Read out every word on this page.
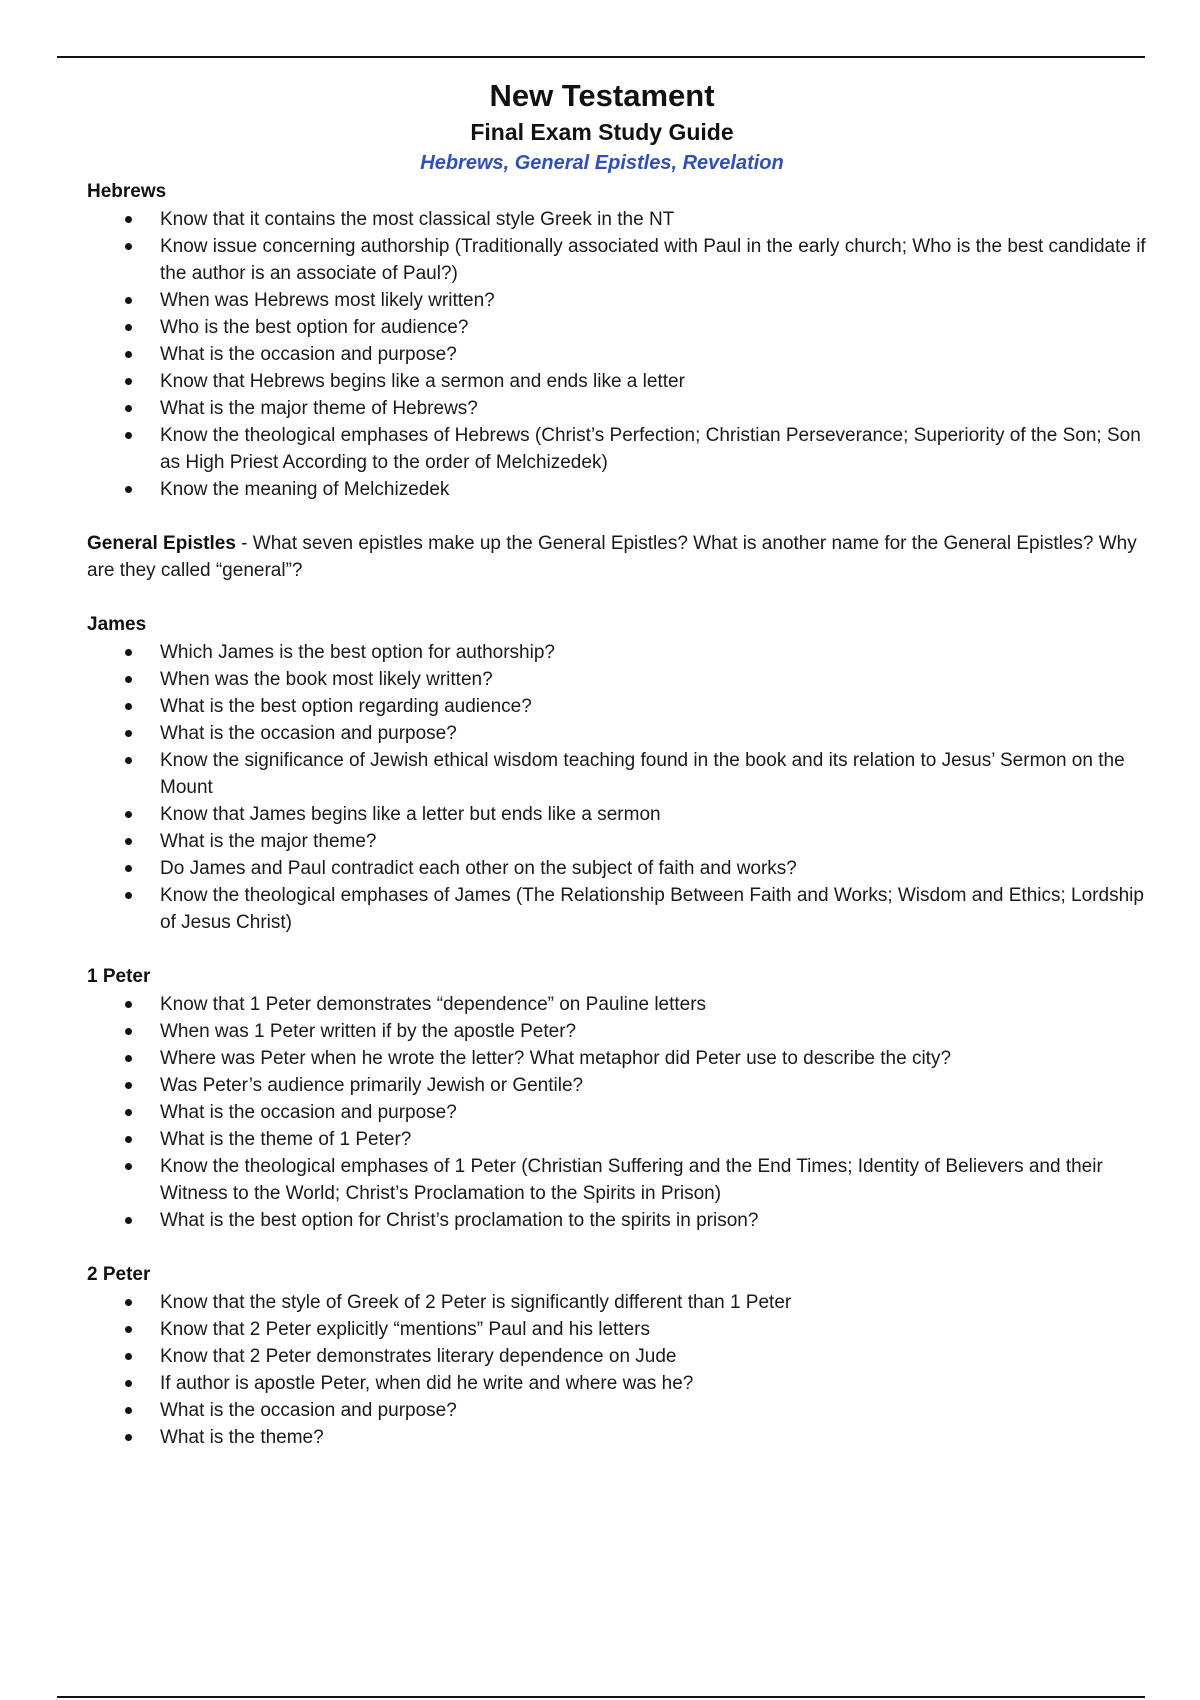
New Testament
Final Exam Study Guide
Hebrews, General Epistles, Revelation
Hebrews
Know that it contains the most classical style Greek in the NT
Know issue concerning authorship (Traditionally associated with Paul in the early church; Who is the best candidate if the author is an associate of Paul?)
When was Hebrews most likely written?
Who is the best option for audience?
What is the occasion and purpose?
Know that Hebrews begins like a sermon and ends like a letter
What is the major theme of Hebrews?
Know the theological emphases of Hebrews (Christ’s Perfection; Christian Perseverance; Superiority of the Son; Son as High Priest According to the order of Melchizedek)
Know the meaning of Melchizedek

General Epistles - What seven epistles make up the General Epistles? What is another name for the General Epistles? Why are they called “general”?

James
Which James is the best option for authorship?
When was the book most likely written?
What is the best option regarding audience?
What is the occasion and purpose?
Know the significance of Jewish ethical wisdom teaching found in the book and its relation to Jesus’ Sermon on the Mount
Know that James begins like a letter but ends like a sermon
What is the major theme?
Do James and Paul contradict each other on the subject of faith and works?
Know the theological emphases of James (The Relationship Between Faith and Works; Wisdom and Ethics; Lordship of Jesus Christ)
1 Peter
Know that 1 Peter demonstrates “dependence” on Pauline letters
When was 1 Peter written if by the apostle Peter?
Where was Peter when he wrote the letter? What metaphor did Peter use to describe the city?
Was Peter’s audience primarily Jewish or Gentile?
What is the occasion and purpose?
What is the theme of 1 Peter?
Know the theological emphases of 1 Peter (Christian Suffering and the End Times; Identity of Believers and their Witness to the World; Christ’s Proclamation to the Spirits in Prison)
What is the best option for Christ’s proclamation to the spirits in prison?
2 Peter
Know that the style of Greek of 2 Peter is significantly different than 1 Peter
Know that 2 Peter explicitly “mentions” Paul and his letters
Know that 2 Peter demonstrates literary dependence on Jude
If author is apostle Peter, when did he write and where was he?
What is the occasion and purpose?
What is the theme?
